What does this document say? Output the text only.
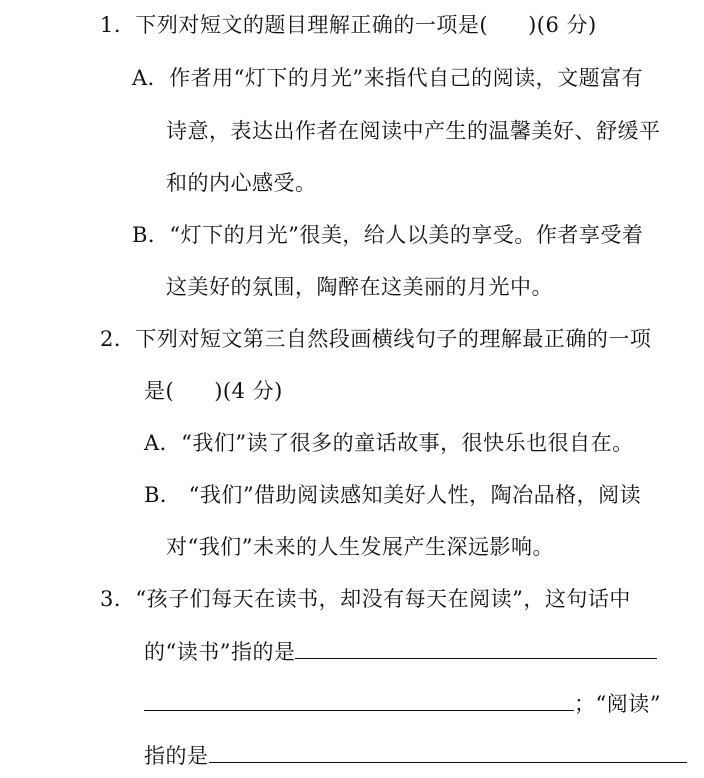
1．下列对短文的题目理解正确的一项是( )(6 分)
A．作者用“灯下的月光”来指代自己的阅读，文题富有
诗意，表达出作者在阅读中产生的温馨美好、舒缓平
和的内心感受。
B．“灯下的月光”很美，给人以美的享受。作者享受着
这美好的氛围，陶醉在这美丽的月光中。
2．下列对短文第三自然段画横线句子的理解最正确的一项
是( )(4 分)
A．“我们”读了很多的童话故事，很快乐也很自在。
B． “我们”借助阅读感知美好人性，陶冶品格，阅读
对“我们”未来的人生发展产生深远影响。
3．“孩子们每天在读书，却没有每天在阅读”，这句话中
的“读书”指的是
；“阅读”
指的是
